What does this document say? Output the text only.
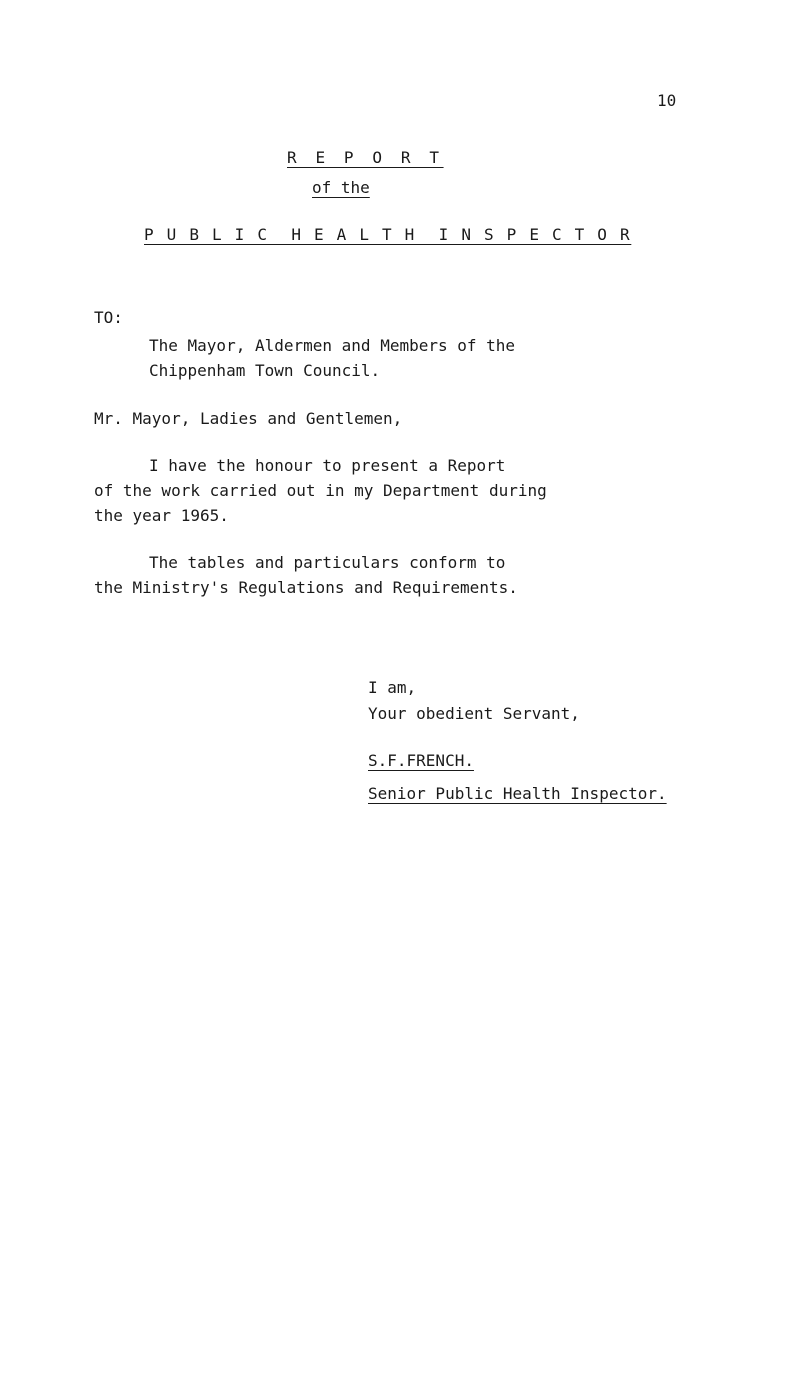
10
R E P O R T
of the
P U B L I C  H E A L T H  I N S P E C T O R
TO:
The Mayor, Aldermen and Members of the
Chippenham Town Council.
Mr. Mayor, Ladies and Gentlemen,
I have the honour to present a Report
of the work carried out in my Department during
the year 1965.
The tables and particulars conform to
the Ministry's Regulations and Requirements.
I am,
Your obedient Servant,
S.F.FRENCH.
Senior Public Health Inspector.
